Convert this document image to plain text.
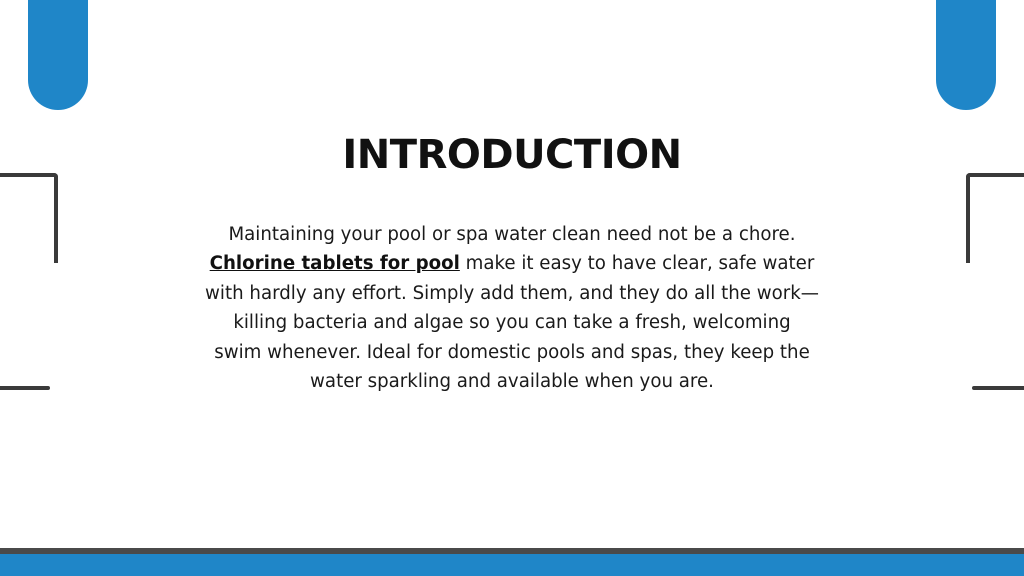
INTRODUCTION
Maintaining your pool or spa water clean need not be a chore.
Chlorine tablets for pool make it easy to have clear, safe water
with hardly any effort. Simply add them, and they do all the work—
killing bacteria and algae so you can take a fresh, welcoming
swim whenever. Ideal for domestic pools and spas, they keep the
water sparkling and available when you are.
